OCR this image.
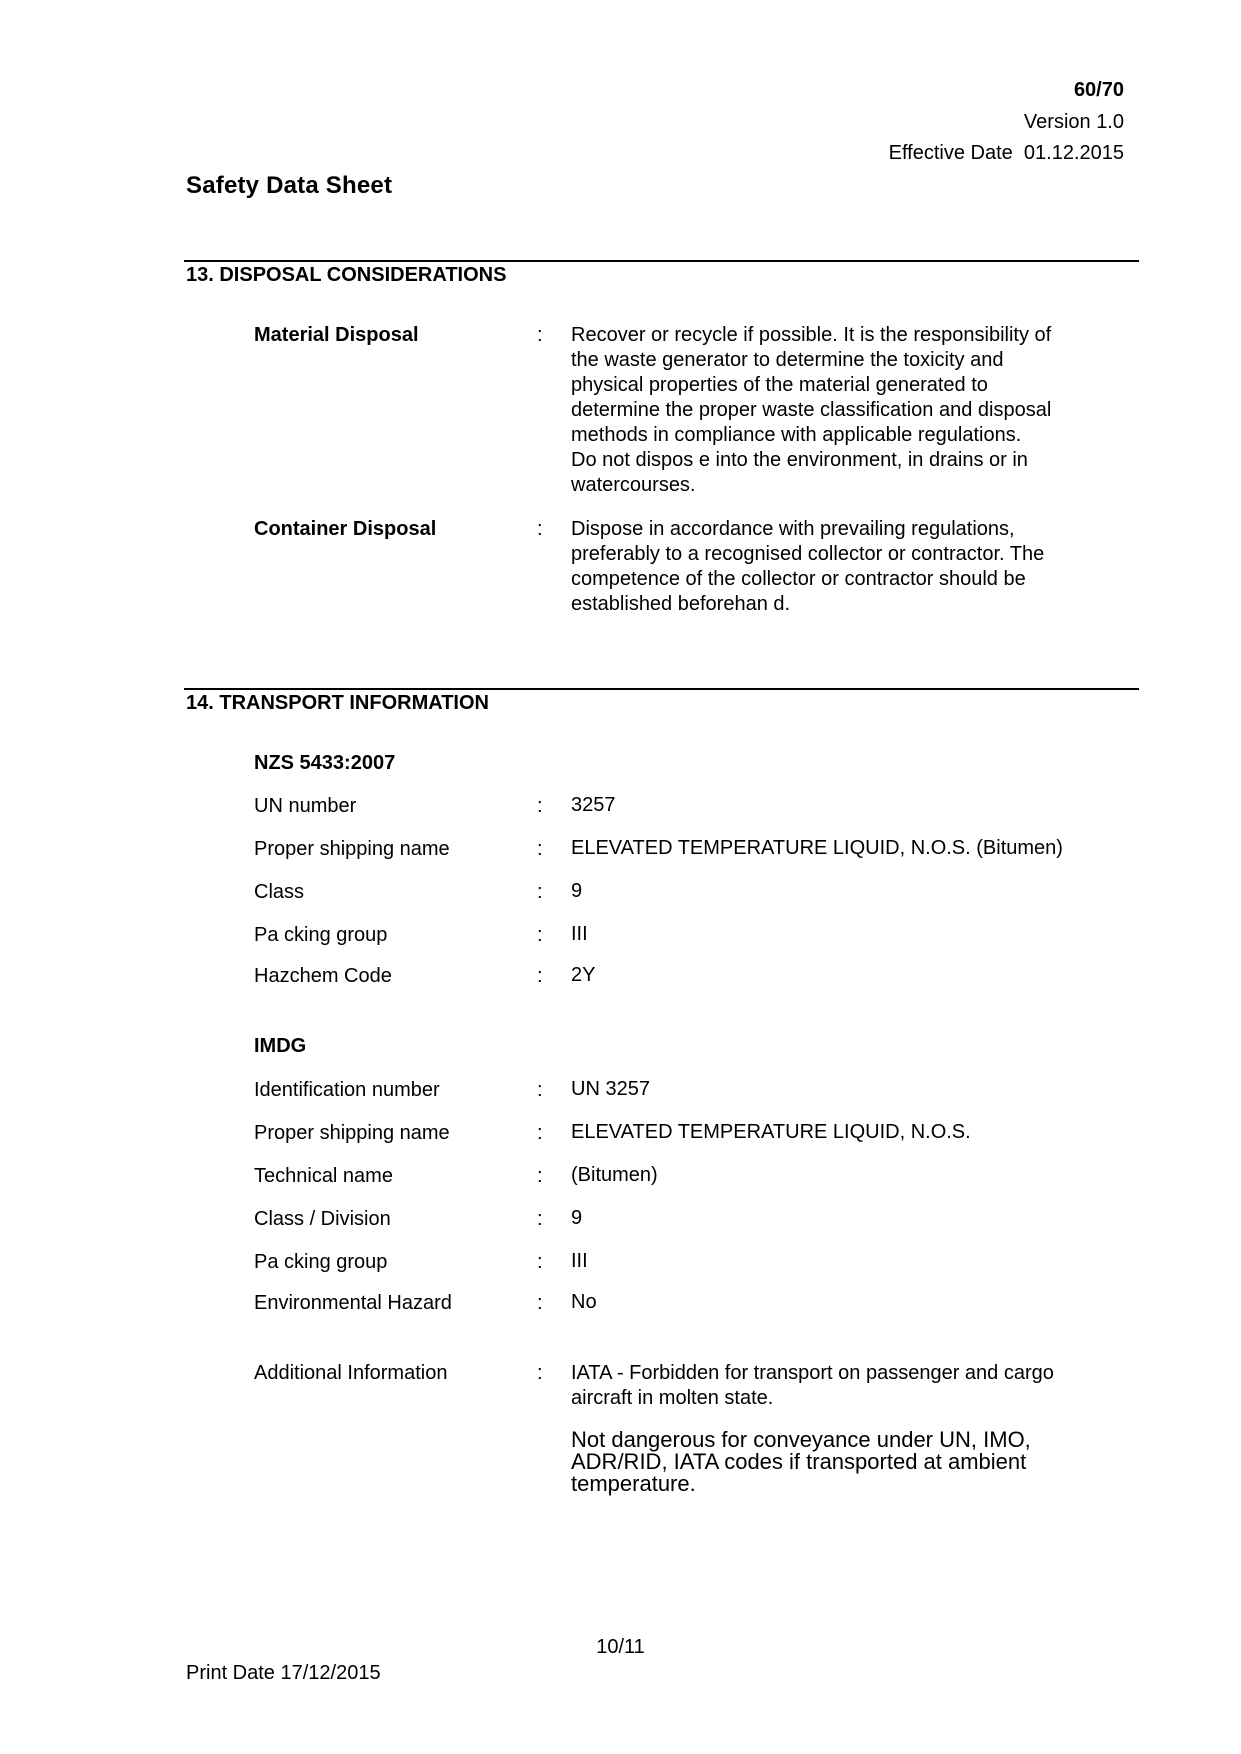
60/70
Version 1.0
Effective Date  01.12.2015
Safety Data Sheet
13. DISPOSAL CONSIDERATIONS
Material Disposal	: Recover or recycle if possible. It is the responsibility of

the waste generator to determine the toxicity and

physical properties of the material generated to

determine the proper waste classification and disposal

methods in compliance with applicable regulations.

Do not dispos e into the environment, in drains or in

watercourses.

Container Disposal	: Dispose in accordance with prevailing regulations,

preferably to a recognised collector or contractor. The

competence of the collector or contractor should be

established beforehan d.

14. TRANSPORT INFORMATION
NZS 5433:2007
UN number	: 3257
Proper shipping name	: ELEVATED TEMPERATURE LIQUID, N.O.S. (Bitumen)
Class	: 9
Pa cking group	: III
Hazchem Code	: 2Y
IMDG
Identification number	: UN 3257
Proper shipping name	: ELEVATED TEMPERATURE LIQUID, N.O.S.
Technical name	: (Bitumen)
Class / Division	: 9
Pa cking group	: III
Environmental Hazard	: No
Additional Information	: IATA - Forbidden for transport on passenger and cargo

aircraft in molten state.

Not dangerous for conveyance under UN, IMO,

ADR/RID, IATA codes if transported at ambient

temperature.

10/11
Print Date 17/12/2015
